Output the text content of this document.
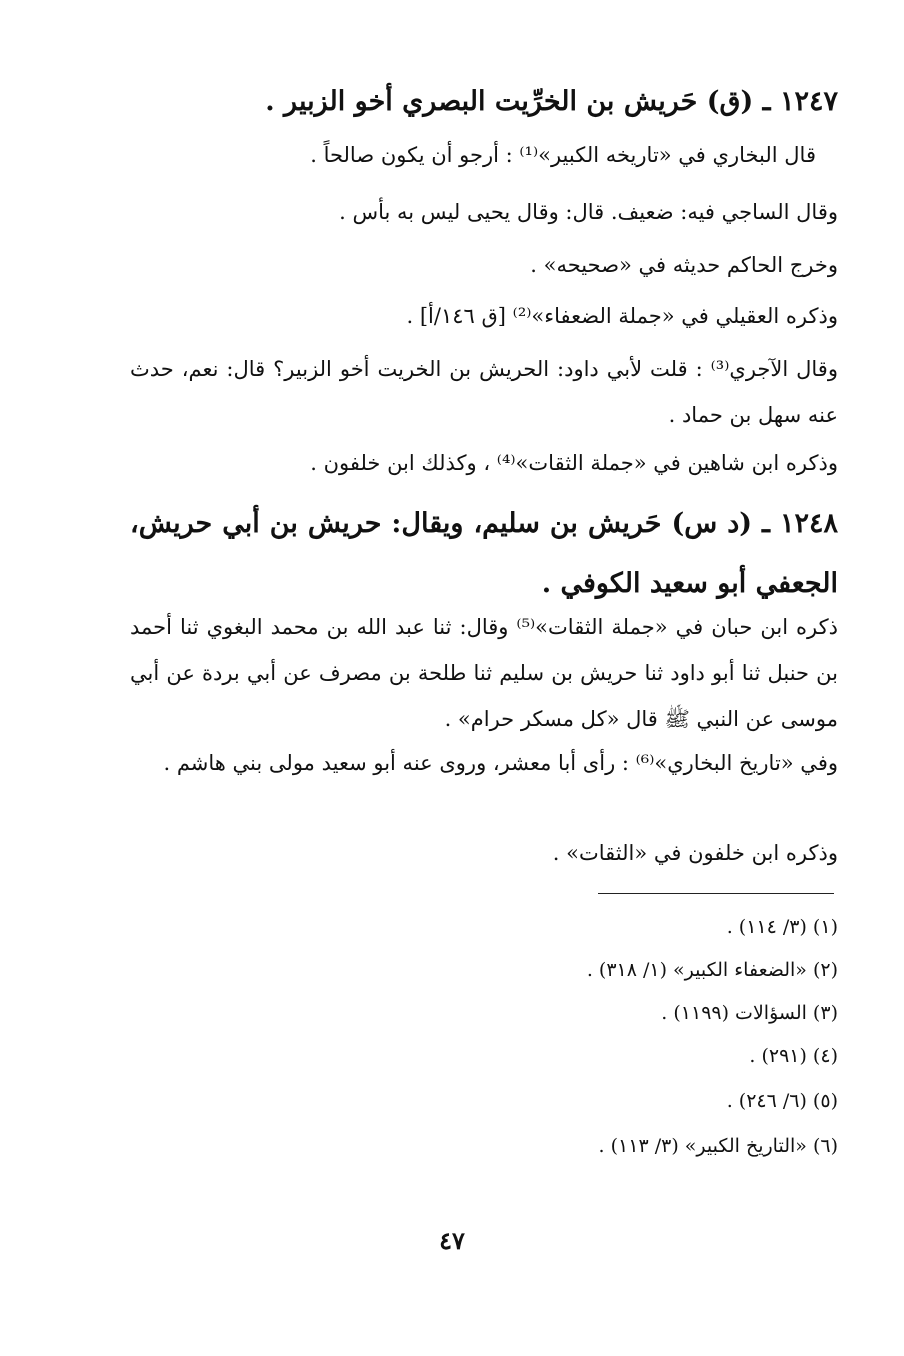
١٢٤٧ ـ (ق) حَريش بن الخرِّيت البصري أخو الزبير .
قال البخاري في «تاريخه الكبير»⁽¹⁾ : أرجو أن يكون صالحاً .
وقال الساجي فيه: ضعيف. قال: وقال يحيى ليس به بأس .
وخرج الحاكم حديثه في «صحيحه» .
وذكره العقيلي في «جملة الضعفاء»⁽²⁾ [ق ١٤٦/أ] .
وقال الآجري⁽³⁾ : قلت لأبي داود: الحريش بن الخريت أخو الزبير؟ قال: نعم، حدث عنه سهل بن حماد .
وذكره ابن شاهين في «جملة الثقات»⁽⁴⁾ ، وكذلك ابن خلفون .
١٢٤٨ ـ (د س) حَريش بن سليم، ويقال: حريش بن أبي حريش، الجعفي أبو سعيد الكوفي .
ذكره ابن حبان في «جملة الثقات»⁽⁵⁾ وقال: ثنا عبد الله بن محمد البغوي ثنا أحمد بن حنبل ثنا أبو داود ثنا حريش بن سليم ثنا طلحة بن مصرف عن أبي بردة عن أبي موسى عن النبي ﷺ قال «كل مسكر حرام» .
وفي «تاريخ البخاري»⁽⁶⁾ : رأى أبا معشر، وروى عنه أبو سعيد مولى بني هاشم .
وذكره ابن خلفون في «الثقات» .
(١) (٣/ ١١٤) .
(٢) «الضعفاء الكبير» (١/ ٣١٨) .
(٣) السؤالات (١١٩٩) .
(٤) (٢٩١) .
(٥) (٦/ ٢٤٦) .
(٦) «التاريخ الكبير» (٣/ ١١٣) .
٤٧
